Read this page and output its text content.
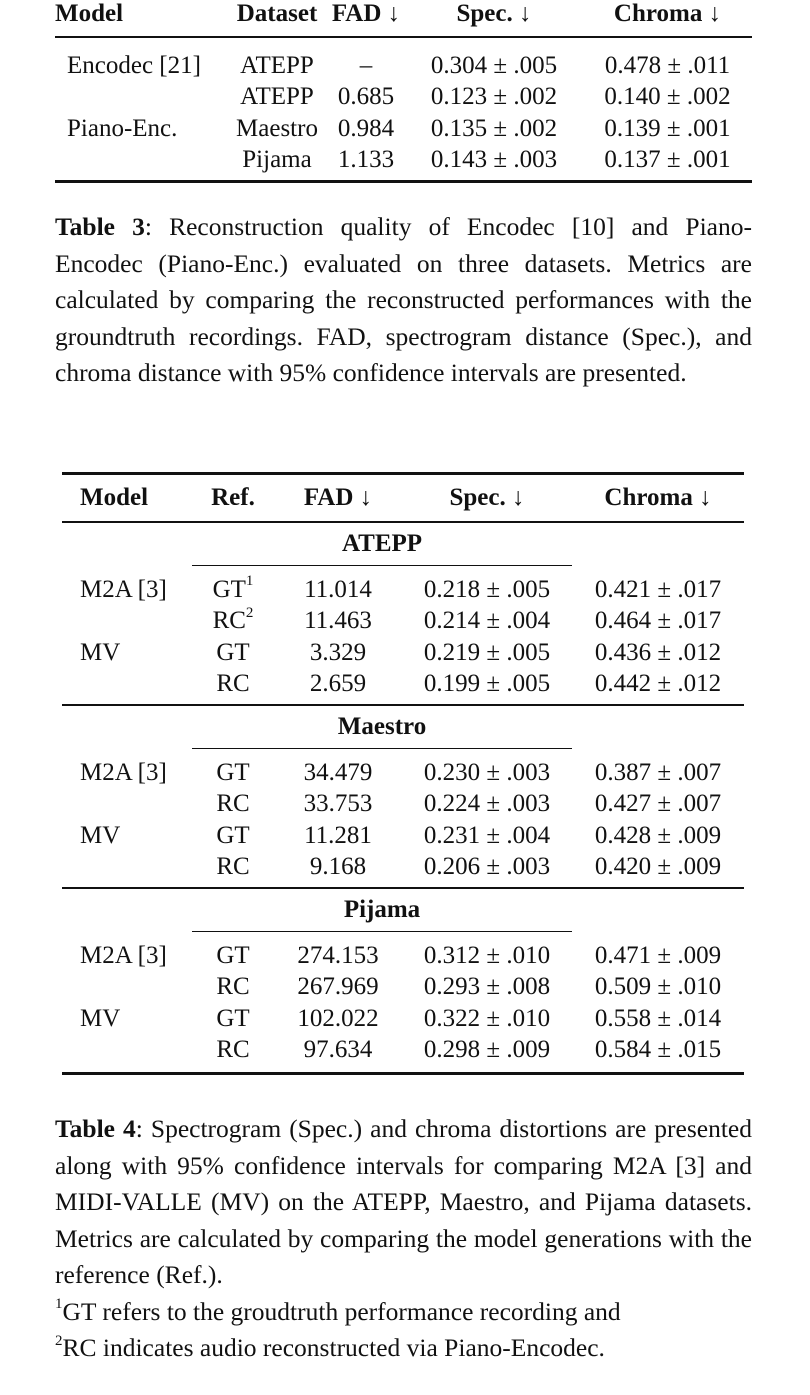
Model	Dataset	FAD ↓	Spec. ↓	Chroma ↓
Encodec [21]	ATEPP	–	0.304 ± .005	0.478 ± .011
	ATEPP	0.685	0.123 ± .002	0.140 ± .002
Piano-Enc.	Maestro	0.984	0.135 ± .002	0.139 ± .001
	Pijama	1.133	0.143 ± .003	0.137 ± .001
Table 3: Reconstruction quality of Encodec [10] and Piano-Encodec (Piano-Enc.) evaluated on three datasets. Metrics are calculated by comparing the reconstructed performances with the groundtruth recordings. FAD, spectrogram distance (Spec.), and chroma distance with 95% confidence intervals are presented.
Model	Ref.	FAD ↓	Spec. ↓	Chroma ↓
	ATEPP			
M2A [3]	$GT^1$	11.014	0.218 ± .005	0.421 ± .017
	$RC^2$	11.463	0.214 ± .004	0.464 ± .017
MV	GT	3.329	0.219 ± .005	0.436 ± .012
	RC	2.659	0.199 ± .005	0.442 ± .012
	Maestro			
M2A [3]	GT	34.479	0.230 ± .003	0.387 ± .007
	RC	33.753	0.224 ± .003	0.427 ± .007
MV	GT	11.281	0.231 ± .004	0.428 ± .009
	RC	9.168	0.206 ± .003	0.420 ± .009
	Pijama			
M2A [3]	GT	274.153	0.312 ± .010	0.471 ± .009
	RC	267.969	0.293 ± .008	0.509 ± .010
MV	GT	102.022	0.322 ± .010	0.558 ± .014
	RC	97.634	0.298 ± .009	0.584 ± .015
Table 4: Spectrogram (Spec.) and chroma distortions are presented along with 95% confidence intervals for comparing M2A [3] and MIDI-VALLE (MV) on the ATEPP, Maestro, and Pijama datasets. Metrics are calculated by comparing the model generations with the reference (Ref.).
$^1$GT refers to the groudtruth performance recording and
$^2$RC indicates audio reconstructed via Piano-Encodec.
